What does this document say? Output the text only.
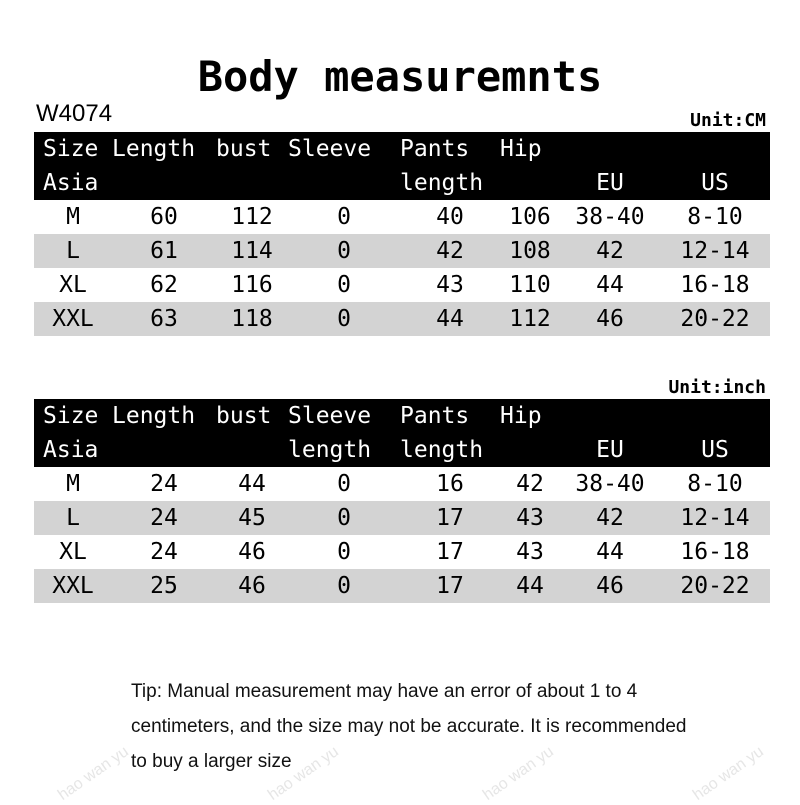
Body measuremnts
W4074	Unit:CM
Size	Length	bust	Sleeve	Pants	Hip		
Asia				length		EU	US
M	60	112	0	40	106	38-40	8-10
L	61	114	0	42	108	42	12-14
XL	62	116	0	43	110	44	16-18
XXL	63	118	0	44	112	46	20-22
Unit:inch
Size	Length	bust	Sleeve	Pants	Hip		
Asia			length	length		EU	US
M	24	44	0	16	42	38-40	8-10
L	24	45	0	17	43	42	12-14
XL	24	46	0	17	43	44	16-18
XXL	25	46	0	17	44	46	20-22
Tip: Manual measurement may have an error of about 1 to 4
centimeters, and the size may not be accurate. It is recommended
to buy a larger size
hao wan yu	hao wan yu	hao wan yu	hao wan yu
